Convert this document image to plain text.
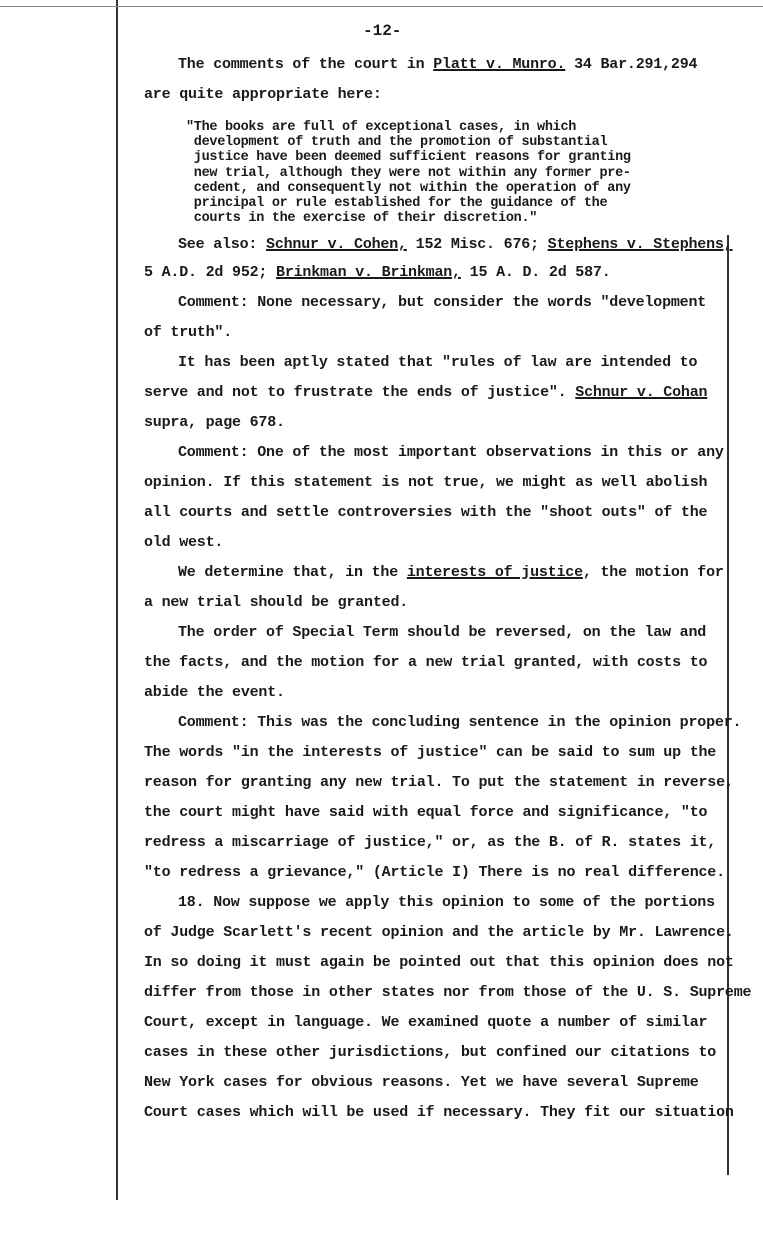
-12-
The comments of the court in Platt v. Munro. 34 Bar.291,294
are quite appropriate here:
"The books are full of exceptional cases, in which
development of truth and the promotion of substantial
justice have been deemed sufficient reasons for granting
new trial, although they were not within any former pre-
cedent, and consequently not within the operation of any
principal or rule established for the guidance of the
courts in the exercise of their discretion."
See also: Schnur v. Cohen, 152 Misc. 676; Stephens v. Stephens,
5 A.D. 2d 952; Brinkman v. Brinkman, 15 A. D. 2d 587.
Comment: None necessary, but consider the words "development
of truth".
It has been aptly stated that "rules of law are intended to
serve and not to frustrate the ends of justice". Schnur v. Cohan
supra, page 678.
Comment: One of the most important observations in this or any
opinion. If this statement is not true, we might as well abolish
all courts and settle controversies with the "shoot outs" of the
old west.
We determine that, in the interests of justice, the motion for
a new trial should be granted.
The order of Special Term should be reversed, on the law and
the facts, and the motion for a new trial granted, with costs to
abide the event.
Comment: This was the concluding sentence in the opinion proper.
The words "in the interests of justice" can be said to sum up the
reason for granting any new trial. To put the statement in reverse,
the court might have said with equal force and significance, "to
redress a miscarriage of justice," or, as the B. of R. states it,
"to redress a grievance," (Article I) There is no real difference.
18. Now suppose we apply this opinion to some of the portions
of Judge Scarlett's recent opinion and the article by Mr. Lawrence.
In so doing it must again be pointed out that this opinion does not
differ from those in other states nor from those of the U. S. Supreme
Court, except in language. We examined quote a number of similar
cases in these other jurisdictions, but confined our citations to
New York cases for obvious reasons. Yet we have several Supreme
Court cases which will be used if necessary. They fit our situation
